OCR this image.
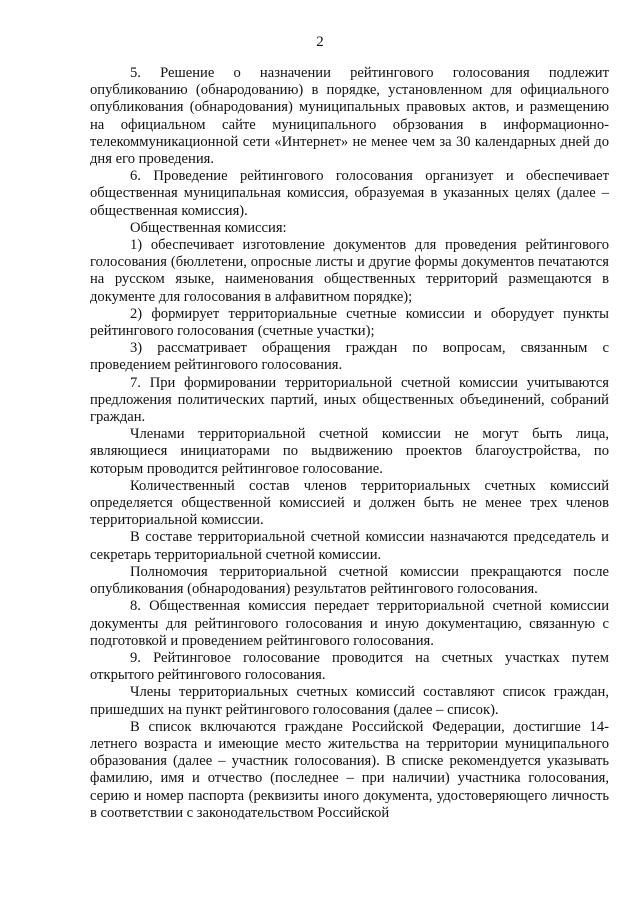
2

5. Решение о назначении рейтингового голосования подлежит опубликованию (обнародованию) в порядке, установленном для официального опубликования (обнародования) муниципальных правовых актов, и размещению на официальном сайте муниципального обрзования в информационно-телекоммуникационной сети «Интернет» не менее чем за 30 календарных дней до дня его проведения.

6. Проведение рейтингового голосования организует и обеспечивает общественная муниципальная комиссия, образуемая в указанных целях (далее – общественная комиссия).

Общественная комиссия:

1) обеспечивает изготовление документов для проведения рейтингового голосования (бюллетени, опросные листы и другие формы документов печатаются на русском языке, наименования общественных территорий размещаются в документе для голосования в алфавитном порядке);

2) формирует территориальные счетные комиссии и оборудует пункты рейтингового голосования (счетные участки);

3) рассматривает обращения граждан по вопросам, связанным с проведением рейтингового голосования.

7. При формировании территориальной счетной комиссии учитываются предложения политических партий, иных общественных объединений, собраний граждан.

Членами территориальной счетной комиссии не могут быть лица, являющиеся инициаторами по выдвижению проектов благоустройства, по которым проводится рейтинговое голосование.

Количественный состав членов территориальных счетных комиссий определяется общественной комиссией и должен быть не менее трех членов территориальной комиссии.

В составе территориальной счетной комиссии назначаются председатель и секретарь территориальной счетной комиссии.

Полномочия территориальной счетной комиссии прекращаются после опубликования (обнародования) результатов рейтингового голосования.

8. Общественная комиссия передает территориальной счетной комиссии документы для рейтингового голосования и иную документацию, связанную с подготовкой и проведением рейтингового голосования.

9. Рейтинговое голосование проводится на счетных участках путем открытого рейтингового голосования.

Члены территориальных счетных комиссий составляют список граждан, пришедших на пункт рейтингового голосования (далее – список).

В список включаются граждане Российской Федерации, достигшие 14-летнего возраста и имеющие место жительства на территории муниципального образования (далее – участник голосования). В списке рекомендуется указывать фамилию, имя и отчество (последнее – при наличии) участника голосования, серию и номер паспорта (реквизиты иного документа, удостоверяющего личность в соответствии с законодательством Российской
